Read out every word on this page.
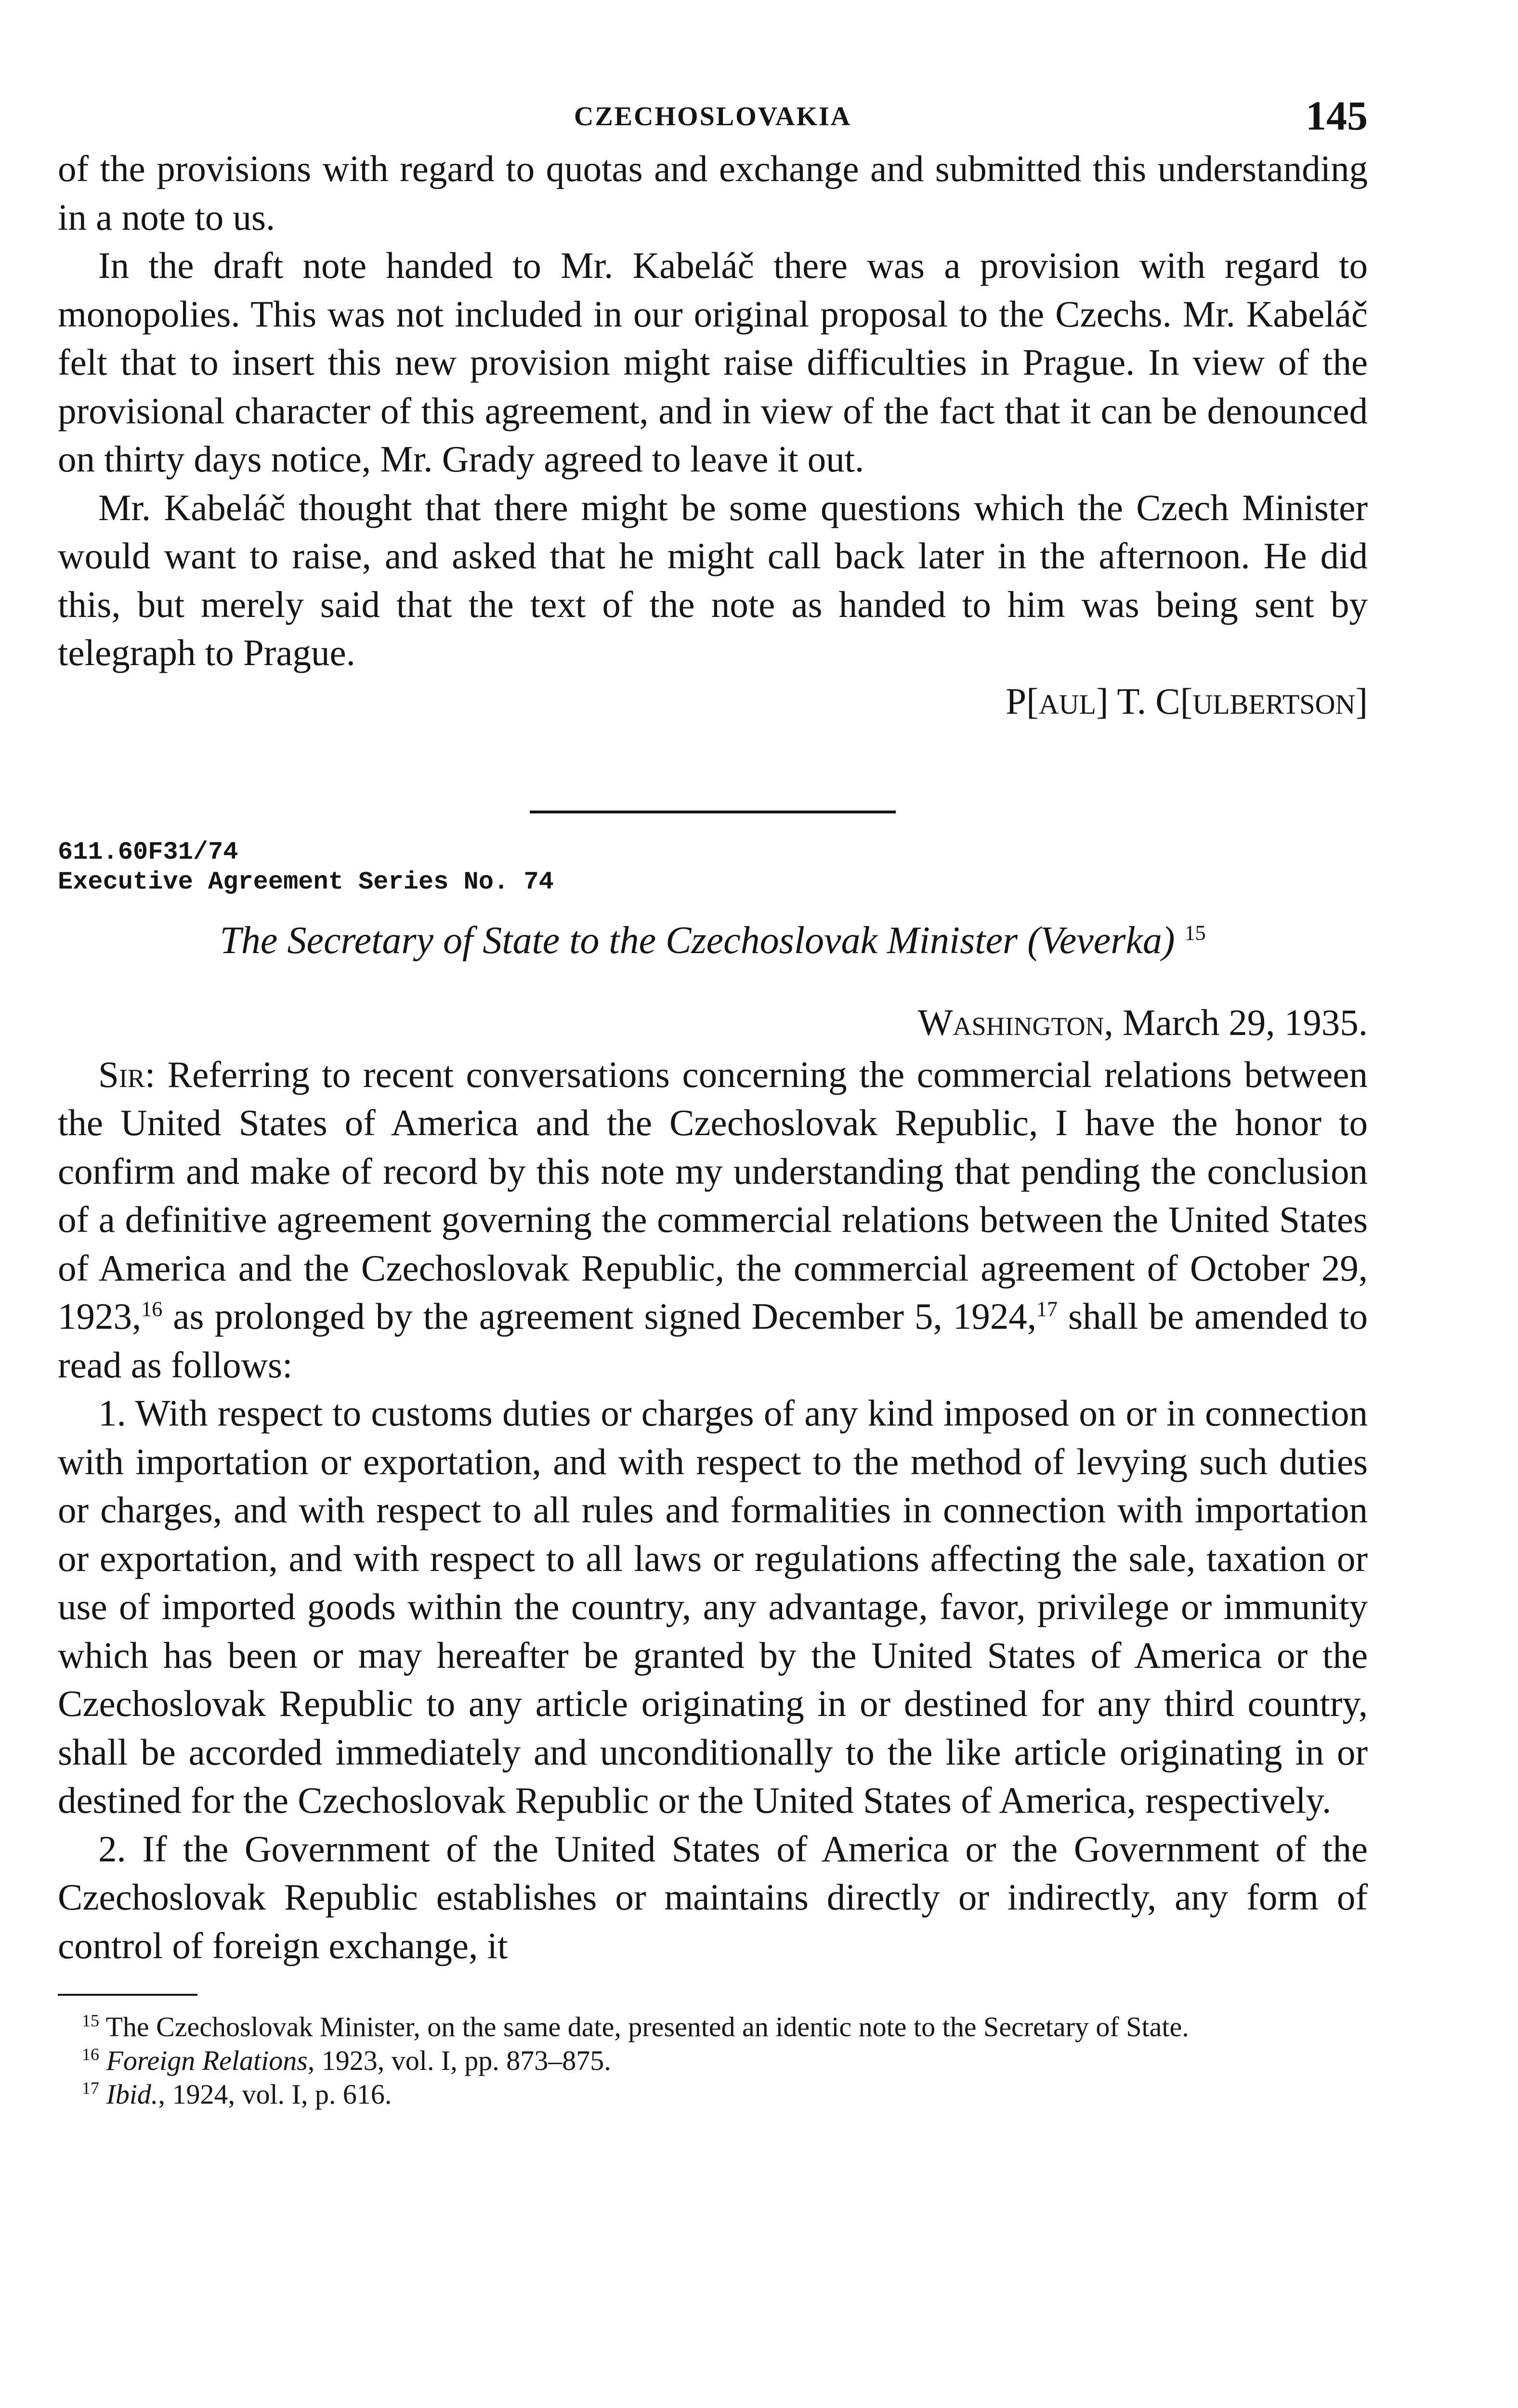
CZECHOSLOVAKIA	145

of the provisions with regard to quotas and exchange and submitted this understanding in a note to us.

In the draft note handed to Mr. Kabeláč there was a provision with regard to monopolies. This was not included in our original proposal to the Czechs. Mr. Kabeláč felt that to insert this new provision might raise difficulties in Prague. In view of the provisional character of this agreement, and in view of the fact that it can be denounced on thirty days notice, Mr. Grady agreed to leave it out.

Mr. Kabeláč thought that there might be some questions which the Czech Minister would want to raise, and asked that he might call back later in the afternoon. He did this, but merely said that the text of the note as handed to him was being sent by telegraph to Prague.

P[AUL] T. C[ULBERTSON]

611.60F31/74

Executive Agreement Series No. 74

The Secretary of State to the Czechoslovak Minister (Veverka) $^{15}$

Washington, March 29, 1935.

Sir: Referring to recent conversations concerning the commercial relations between the United States of America and the Czechoslovak Republic, I have the honor to confirm and make of record by this note my understanding that pending the conclusion of a definitive agreement governing the commercial relations between the United States of America and the Czechoslovak Republic, the commercial agreement of October 29, 1923,16 as prolonged by the agreement signed December 5, 1924,17 shall be amended to read as follows:

1. With respect to customs duties or charges of any kind imposed on or in connection with importation or exportation, and with respect to the method of levying such duties or charges, and with respect to all rules and formalities in connection with importation or exportation, and with respect to all laws or regulations affecting the sale, taxation or use of imported goods within the country, any advantage, favor, privilege or immunity which has been or may hereafter be granted by the United States of America or the Czechoslovak Republic to any article originating in or destined for any third country, shall be accorded immediately and unconditionally to the like article originating in or destined for the Czechoslovak Republic or the United States of America, respectively.

2. If the Government of the United States of America or the Government of the Czechoslovak Republic establishes or maintains directly or indirectly, any form of control of foreign exchange, it

$^{15}$ The Czechoslovak Minister, on the same date, presented an identic note to the Secretary of State.

$^{16}$ Foreign Relations, 1923, vol. I, pp. 873–875.

$^{17}$ Ibid., 1924, vol. I, p. 616.
